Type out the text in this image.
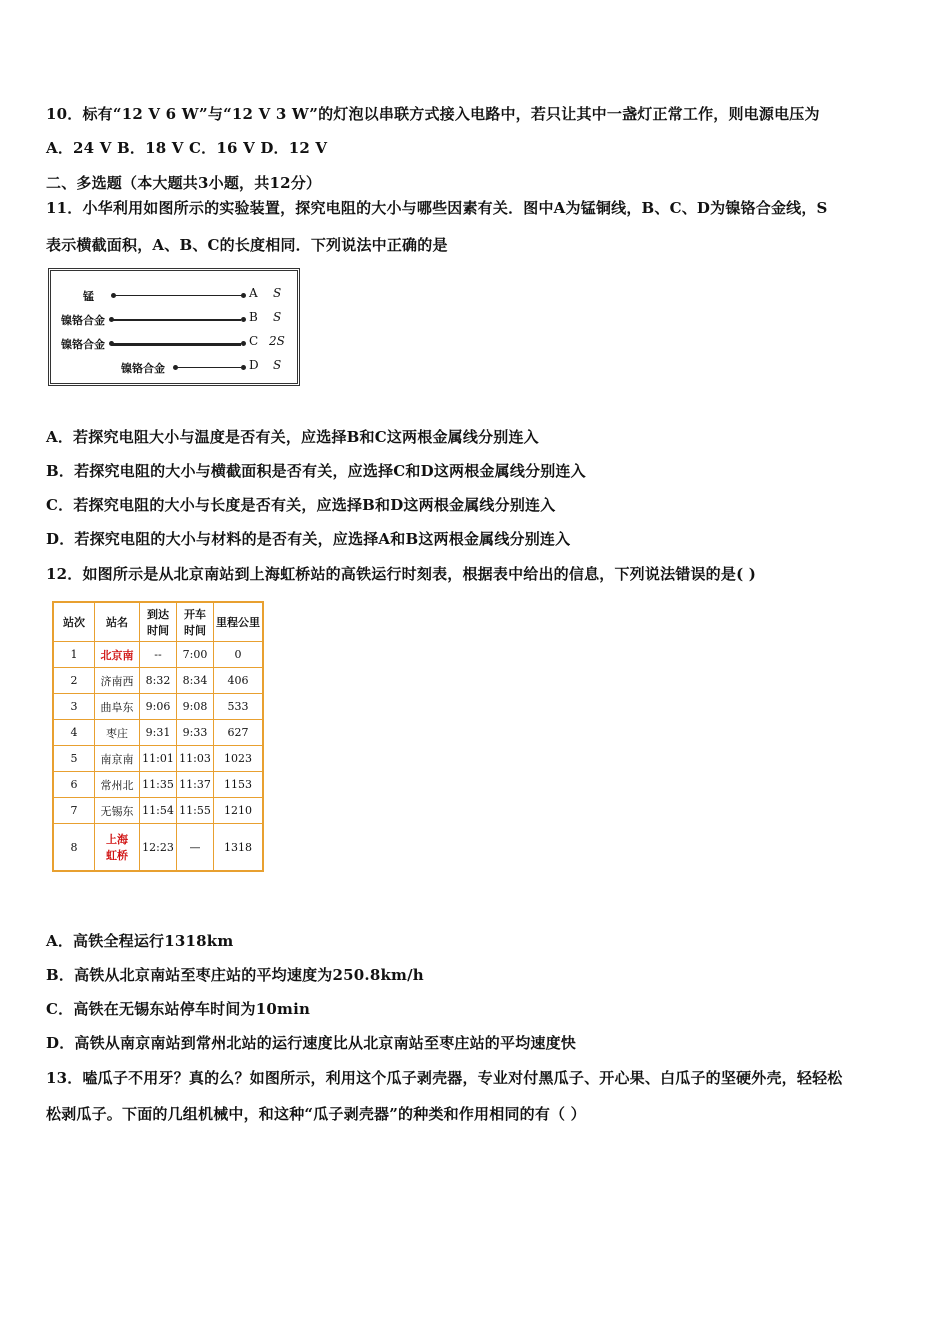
10．标有“12 V 6 W”与“12 V 3 W”的灯泡以串联方式接入电路中，若只让其中一盏灯正常工作，则电源电压为
A．24 V B．18 V C．16 V D．12 V
二、多选题（本大题共3小题，共12分）
11．小华利用如图所示的实验装置，探究电阻的大小与哪些因素有关．图中A为锰铜线，B、C、D为镍铬合金线，S
表示横截面积，A、B、C的长度相同．下列说法中正确的是
锰	A S
镍铬合金	B S
镍铬合金	C 2S
镍铬合金	D S
A．若探究电阻大小与温度是否有关，应选择B和C这两根金属线分别连入
B．若探究电阻的大小与横截面积是否有关，应选择C和D这两根金属线分别连入
C．若探究电阻的大小与长度是否有关，应选择B和D这两根金属线分别连入
D．若探究电阻的大小与材料的是否有关，应选择A和B这两根金属线分别连入
12．如图所示是从北京南站到上海虹桥站的高铁运行时刻表，根据表中给出的信息，下列说法错误的是( )
站次	站名	到达时间	开车时间	里程公里
1	北京南	--	7:00	0
2	济南西	8:32	8:34	406
3	曲阜东	9:06	9:08	533
4	枣庄	9:31	9:33	627
5	南京南	11:01	11:03	1023
6	常州北	11:35	11:37	1153
7	无锡东	11:54	11:55	1210
8	上海虹桥	12:23	—	1318
A．高铁全程运行1318km
B．高铁从北京南站至枣庄站的平均速度为250.8km/h
C．高铁在无锡东站停车时间为10min
D．高铁从南京南站到常州北站的运行速度比从北京南站至枣庄站的平均速度快
13．嗑瓜子不用牙？真的么？如图所示，利用这个瓜子剥壳器，专业对付黑瓜子、开心果、白瓜子的坚硬外壳，轻轻松
松剥瓜子。下面的几组机械中，和这种“瓜子剥壳器”的种类和作用相同的有（ ）
